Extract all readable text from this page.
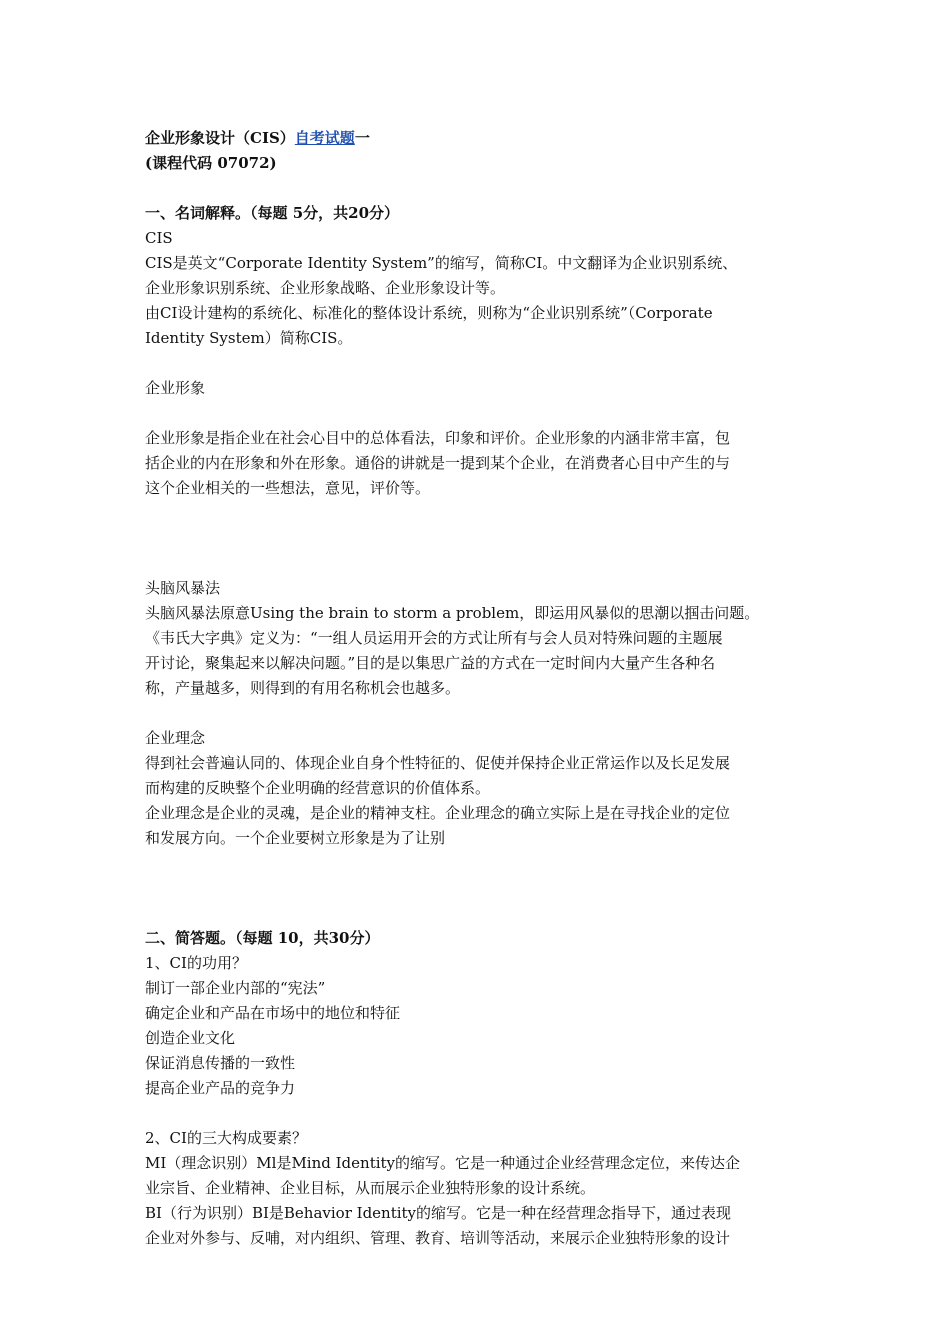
企业形象设计（CIS）自考试题一
(课程代码 07072)
一、名词解释。（每题 5分，共20分）
CIS
CIS是英文“Corporate Identity System”的缩写，简称CI。中文翻译为企业识别系统、
企业形象识别系统、企业形象战略、企业形象设计等。
由CI设计建构的系统化、标准化的整体设计系统，则称为“企业识别系统”（Corporate
Identity System）简称CIS。
企业形象
企业形象是指企业在社会心目中的总体看法，印象和评价。企业形象的内涵非常丰富，包
括企业的内在形象和外在形象。通俗的讲就是一提到某个企业，在消费者心目中产生的与
这个企业相关的一些想法，意见，评价等。
头脑风暴法
头脑风暴法原意Using the brain to storm a problem，即运用风暴似的思潮以掴击问题。
《韦氏大字典》定义为：“一组人员运用开会的方式让所有与会人员对特殊问题的主题展
开讨论，聚集起来以解决问题。”目的是以集思广益的方式在一定时间内大量产生各种名
称，产量越多，则得到的有用名称机会也越多。
企业理念
得到社会普遍认同的、体现企业自身个性特征的、促使并保持企业正常运作以及长足发展
而构建的反映整个企业明确的经营意识的价值体系。
企业理念是企业的灵魂，是企业的精神支柱。企业理念的确立实际上是在寻找企业的定位
和发展方向。一个企业要树立形象是为了让别
二、简答题。（每题 10，共30分）
1、CI的功用？
制订一部企业内部的“宪法”
确定企业和产品在市场中的地位和特征
创造企业文化
保证消息传播的一致性
提高企业产品的竞争力
2、CI的三大构成要素？
MI（理念识别）Ml是Mind Identity的缩写。它是一种通过企业经营理念定位，来传达企
业宗旨、企业精神、企业目标，从而展示企业独特形象的设计系统。
BI（行为识别）BI是Behavior Identity的缩写。它是一种在经营理念指导下，通过表现
企业对外参与、反哺，对内组织、管理、教育、培训等活动，来展示企业独特形象的设计
